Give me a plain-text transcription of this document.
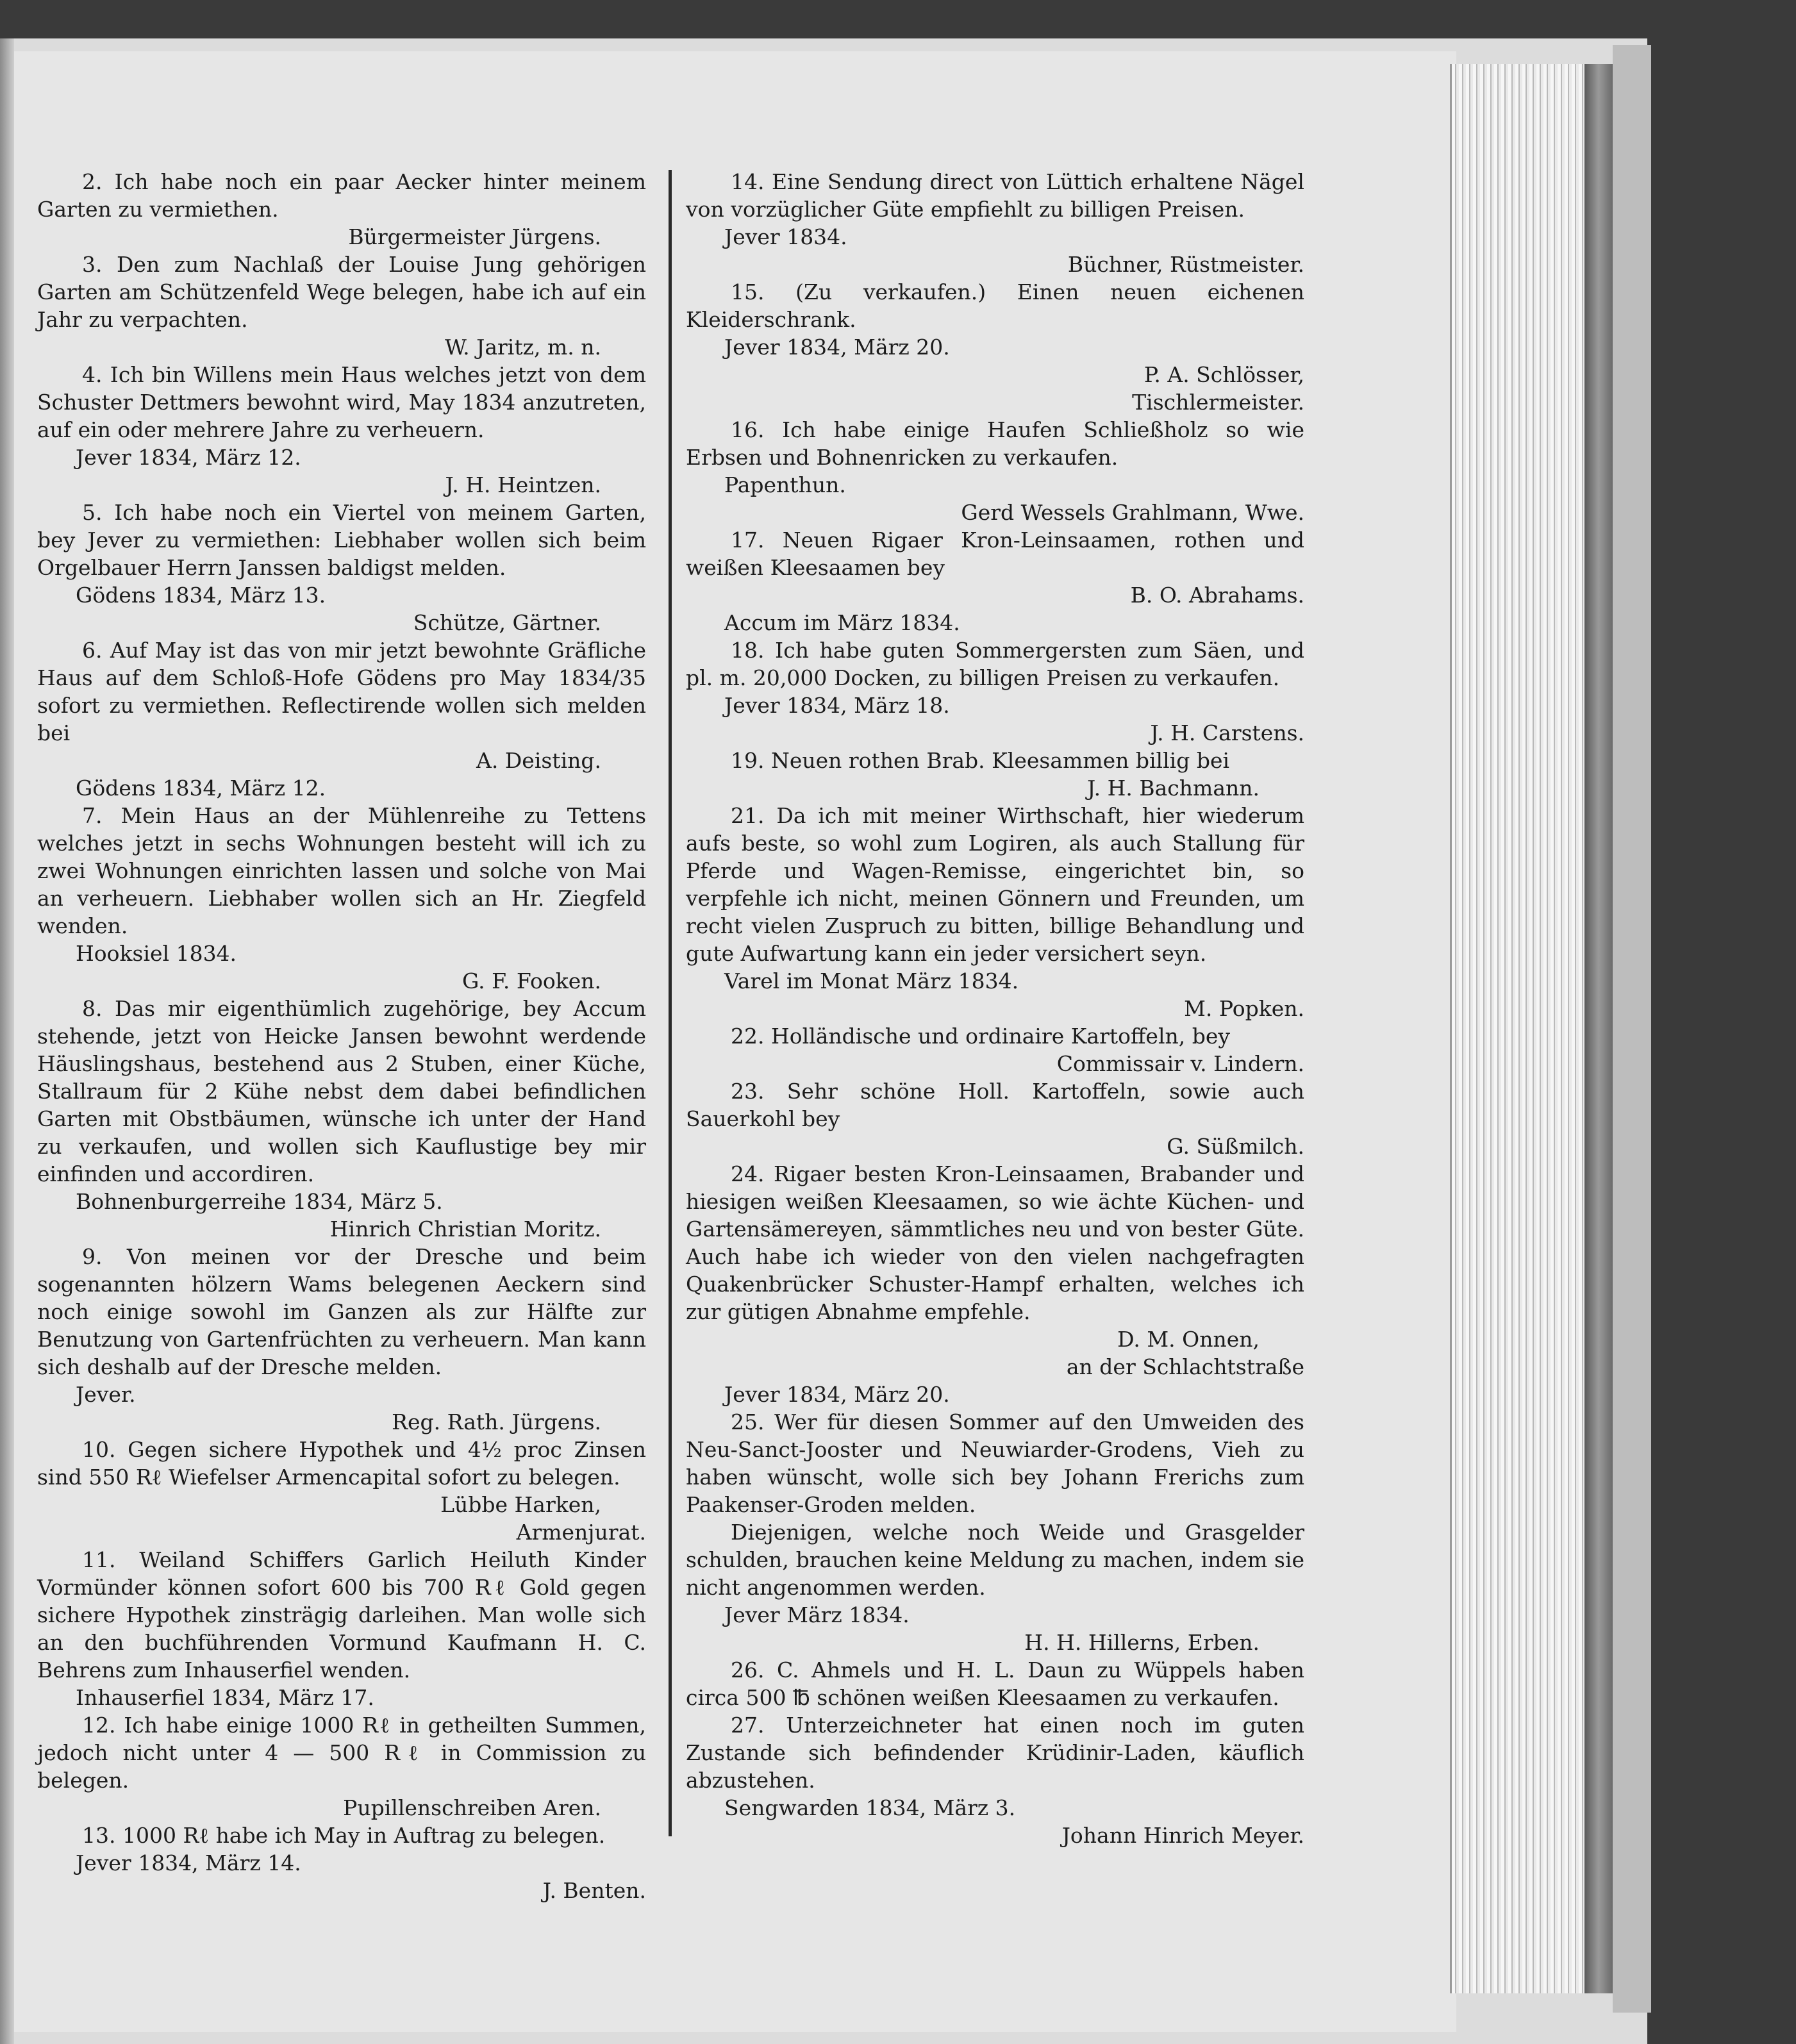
2. Ich habe noch ein paar Aecker hinter meinem Garten zu vermiethen.

Bürgermeister Jürgens.

3. Den zum Nachlaß der Louise Jung gehörigen Garten am Schützenfeld Wege belegen, habe ich auf ein Jahr zu verpachten.

W. Jaritz, m. n.

4. Ich bin Willens mein Haus welches jetzt von dem Schuster Dettmers bewohnt wird, May 1834 anzutreten, auf ein oder mehrere Jahre zu verheuern.

Jever 1834, März 12.

J. H. Heintzen.

5. Ich habe noch ein Viertel von meinem Garten, bey Jever zu vermiethen: Liebhaber wollen sich beim Orgelbauer Herrn Janssen baldigst melden.

Gödens 1834, März 13.

Schütze, Gärtner.

6. Auf May ist das von mir jetzt bewohnte Gräfliche Haus auf dem Schloß-Hofe Gödens pro May 1834/35 sofort zu vermiethen. Reflectirende wollen sich melden bei

A. Deisting.

Gödens 1834, März 12.

7. Mein Haus an der Mühlenreihe zu Tettens welches jetzt in sechs Wohnungen besteht will ich zu zwei Wohnungen einrichten lassen und solche von Mai an verheuern. Liebhaber wollen sich an Hr. Ziegfeld wenden.

Hooksiel 1834.

G. F. Fooken.

8. Das mir eigenthümlich zugehörige, bey Accum stehende, jetzt von Heicke Jansen bewohnt werdende Häuslingshaus, bestehend aus 2 Stuben, einer Küche, Stallraum für 2 Kühe nebst dem dabei befindlichen Garten mit Obstbäumen, wünsche ich unter der Hand zu verkaufen, und wollen sich Kauflustige bey mir einfinden und accordiren.

Bohnenburgerreihe 1834, März 5.

Hinrich Christian Moritz.

9. Von meinen vor der Dresche und beim sogenannten hölzern Wams belegenen Aeckern sind noch einige sowohl im Ganzen als zur Hälfte zur Benutzung von Gartenfrüchten zu verheuern. Man kann sich deshalb auf der Dresche melden.

Jever.

Reg. Rath. Jürgens.

10. Gegen sichere Hypothek und 4½ proc Zinsen sind 550 Rℓ Wiefelser Armencapital sofort zu belegen.

Lübbe Harken,

Armenjurat.

11. Weiland Schiffers Garlich Heiluth Kinder Vormünder können sofort 600 bis 700 Rℓ Gold gegen sichere Hypothek zinsträgig darleihen. Man wolle sich an den buchführenden Vormund Kaufmann H. C. Behrens zum Inhauserfiel wenden.

Inhauserfiel 1834, März 17.

12. Ich habe einige 1000 Rℓ in getheilten Summen, jedoch nicht unter 4 — 500 Rℓ in Commission zu belegen.

Pupillenschreiben Aren.

13. 1000 Rℓ habe ich May in Auftrag zu belegen.

Jever 1834, März 14.

J. Benten.

14. Eine Sendung direct von Lüttich erhaltene Nägel von vorzüglicher Güte empfiehlt zu billigen Preisen.

Jever 1834.

Büchner, Rüstmeister.

15. (Zu verkaufen.) Einen neuen eichenen Kleiderschrank.

Jever 1834, März 20.

P. A. Schlösser,

Tischlermeister.

16. Ich habe einige Haufen Schließholz so wie Erbsen und Bohnenricken zu verkaufen.

Papenthun.

Gerd Wessels Grahlmann, Wwe.

17. Neuen Rigaer Kron-Leinsaamen, rothen und weißen Kleesaamen bey

B. O. Abrahams.

Accum im März 1834.

18. Ich habe guten Sommergersten zum Säen, und pl. m. 20,000 Docken, zu billigen Preisen zu verkaufen.

Jever 1834, März 18.

J. H. Carstens.

19. Neuen rothen Brab. Kleesammen billig bei

J. H. Bachmann.

21. Da ich mit meiner Wirthschaft, hier wiederum aufs beste, so wohl zum Logiren, als auch Stallung für Pferde und Wagen-Remisse, eingerichtet bin, so verpfehle ich nicht, meinen Gönnern und Freunden, um recht vielen Zuspruch zu bitten, billige Behandlung und gute Aufwartung kann ein jeder versichert seyn.

Varel im Monat März 1834.

M. Popken.

22. Holländische und ordinaire Kartoffeln, bey

Commissair v. Lindern.

23. Sehr schöne Holl. Kartoffeln, sowie auch Sauerkohl bey

G. Süßmilch.

24. Rigaer besten Kron-Leinsaamen, Brabander und hiesigen weißen Kleesaamen, so wie ächte Küchen- und Gartensämereyen, sämmtliches neu und von bester Güte. Auch habe ich wieder von den vielen nachgefragten Quakenbrücker Schuster-Hampf erhalten, welches ich zur gütigen Abnahme empfehle.

D. M. Onnen,

an der Schlachtstraße

Jever 1834, März 20.

25. Wer für diesen Sommer auf den Umweiden des Neu-Sanct-Jooster und Neuwiarder-Grodens, Vieh zu haben wünscht, wolle sich bey Johann Frerichs zum Paakenser-Groden melden.

Diejenigen, welche noch Weide und Grasgelder schulden, brauchen keine Meldung zu machen, indem sie nicht angenommen werden.

Jever März 1834.

H. H. Hillerns, Erben.

26. C. Ahmels und H. L. Daun zu Wüppels haben circa 500 ℔ schönen weißen Kleesaamen zu verkaufen.

27. Unterzeichneter hat einen noch im guten Zustande sich befindender Krüdinir-Laden, käuflich abzustehen.

Sengwarden 1834, März 3.

Johann Hinrich Meyer.
